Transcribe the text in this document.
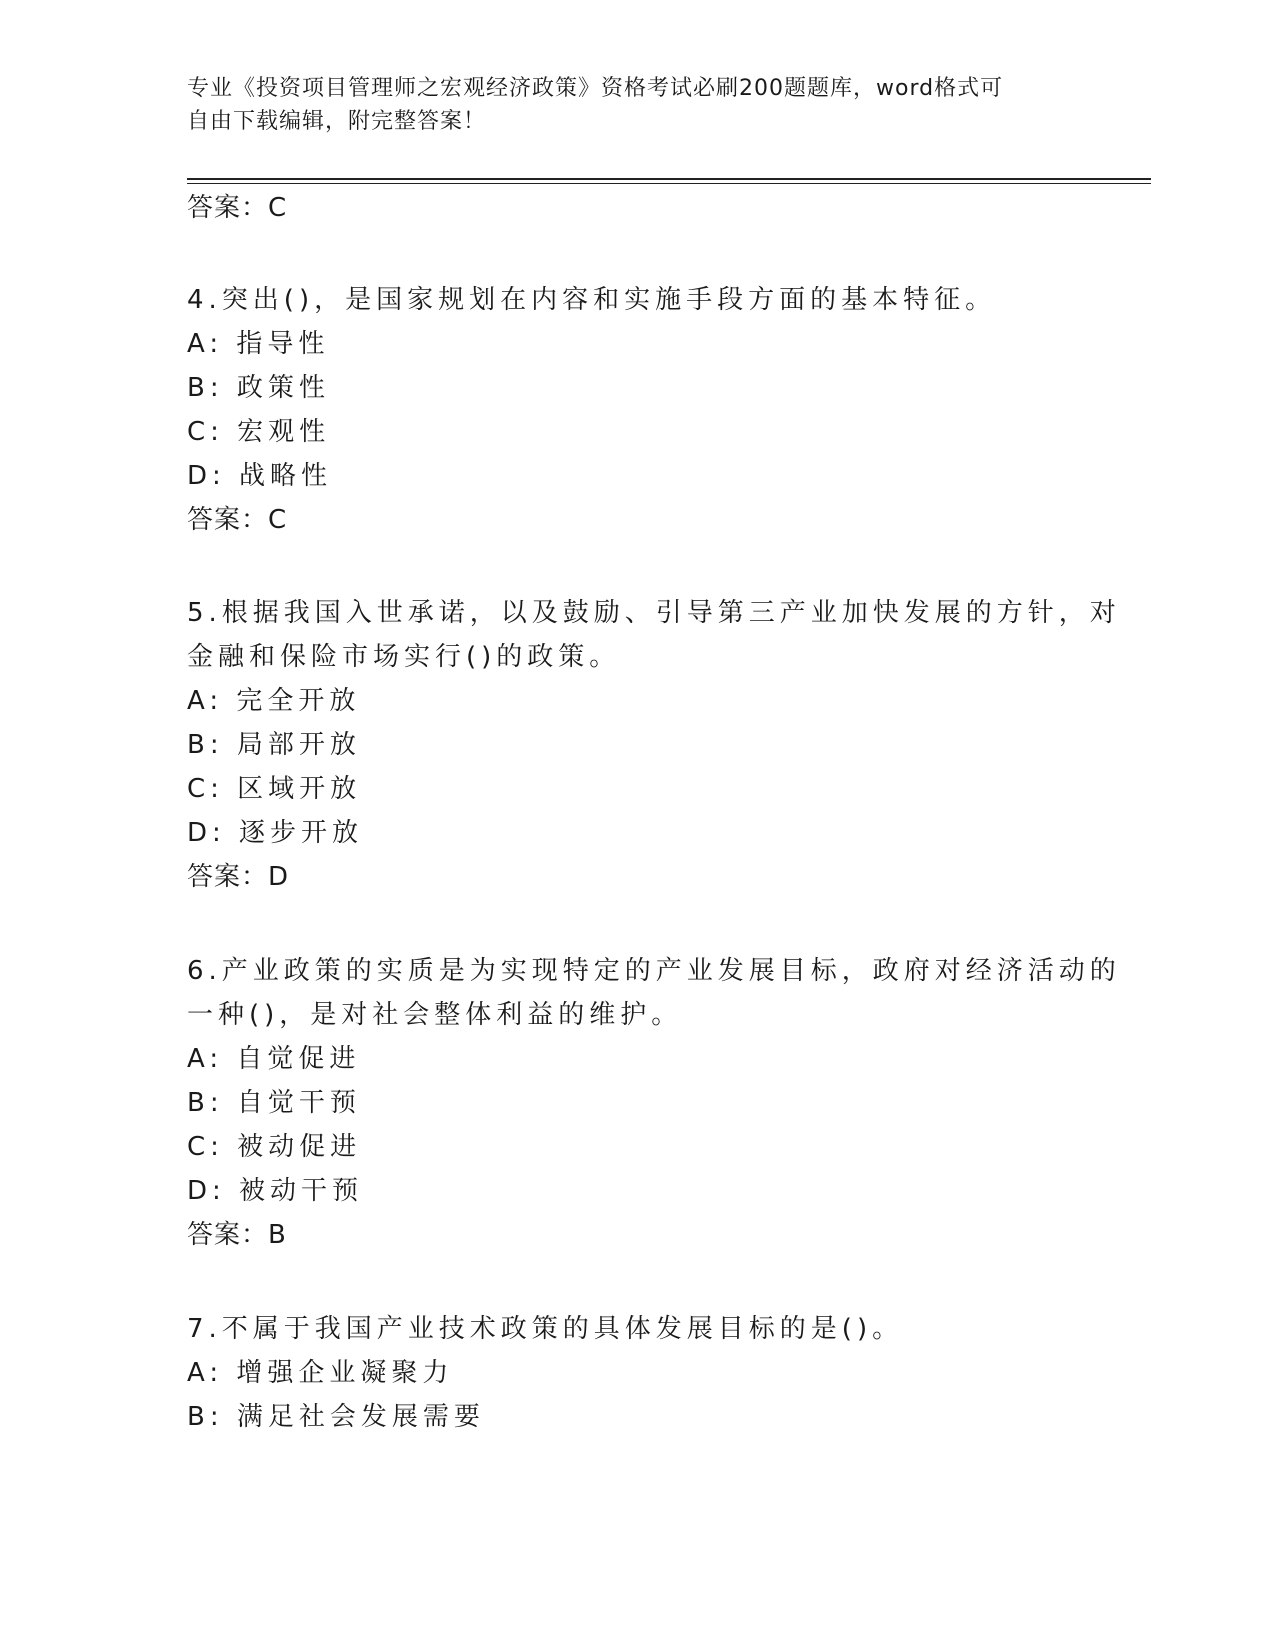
专业《投资项目管理师之宏观经济政策》资格考试必刷200题题库，word格式可
自由下载编辑，附完整答案！
答案：C
4.突出()，是国家规划在内容和实施手段方面的基本特征。
A: 指导性
B: 政策性
C: 宏观性
D: 战略性
答案：C
5.根据我国入世承诺，以及鼓励、引导第三产业加快发展的方针，对
金融和保险市场实行()的政策。
A: 完全开放
B: 局部开放
C: 区域开放
D: 逐步开放
答案：D
6.产业政策的实质是为实现特定的产业发展目标，政府对经济活动的
一种()，是对社会整体利益的维护。
A: 自觉促进
B: 自觉干预
C: 被动促进
D: 被动干预
答案：B
7.不属于我国产业技术政策的具体发展目标的是()。
A: 增强企业凝聚力
B: 满足社会发展需要
